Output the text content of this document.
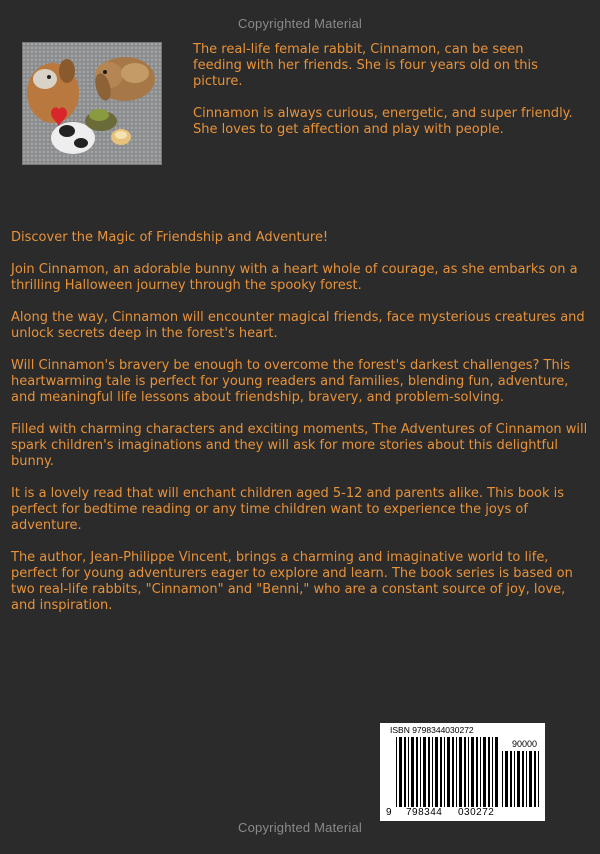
Copyrighted Material

The real-life female rabbit, Cinnamon, can be seen feeding with her friends. She is four years old on this picture.

Cinnamon is always curious, energetic, and super friendly. She loves to get affection and play with people.

Discover the Magic of Friendship and Adventure!

Join Cinnamon, an adorable bunny with a heart whole of courage, as she embarks on a thrilling Halloween journey through the spooky forest.

Along the way, Cinnamon will encounter magical friends, face mysterious creatures and unlock secrets deep in the forest's heart.

Will Cinnamon's bravery be enough to overcome the forest's darkest challenges? This heartwarming tale is perfect for young readers and families, blending fun, adventure, and meaningful life lessons about friendship, bravery, and problem-solving.

Filled with charming characters and exciting moments, The Adventures of Cinnamon will spark children's imaginations and they will ask for more stories about this delightful bunny.

It is a lovely read that will enchant children aged 5-12 and parents alike. This book is perfect for bedtime reading or any time children want to experience the joys of adventure.

The author, Jean-Philippe Vincent, brings a charming and imaginative world to life, perfect for young adventurers eager to explore and learn. The book series is based on two real-life rabbits, "Cinnamon" and "Benni," who are a constant source of joy, love, and inspiration.

ISBN 9798344030272
90000
9 798344 030272
Copyrighted Material
